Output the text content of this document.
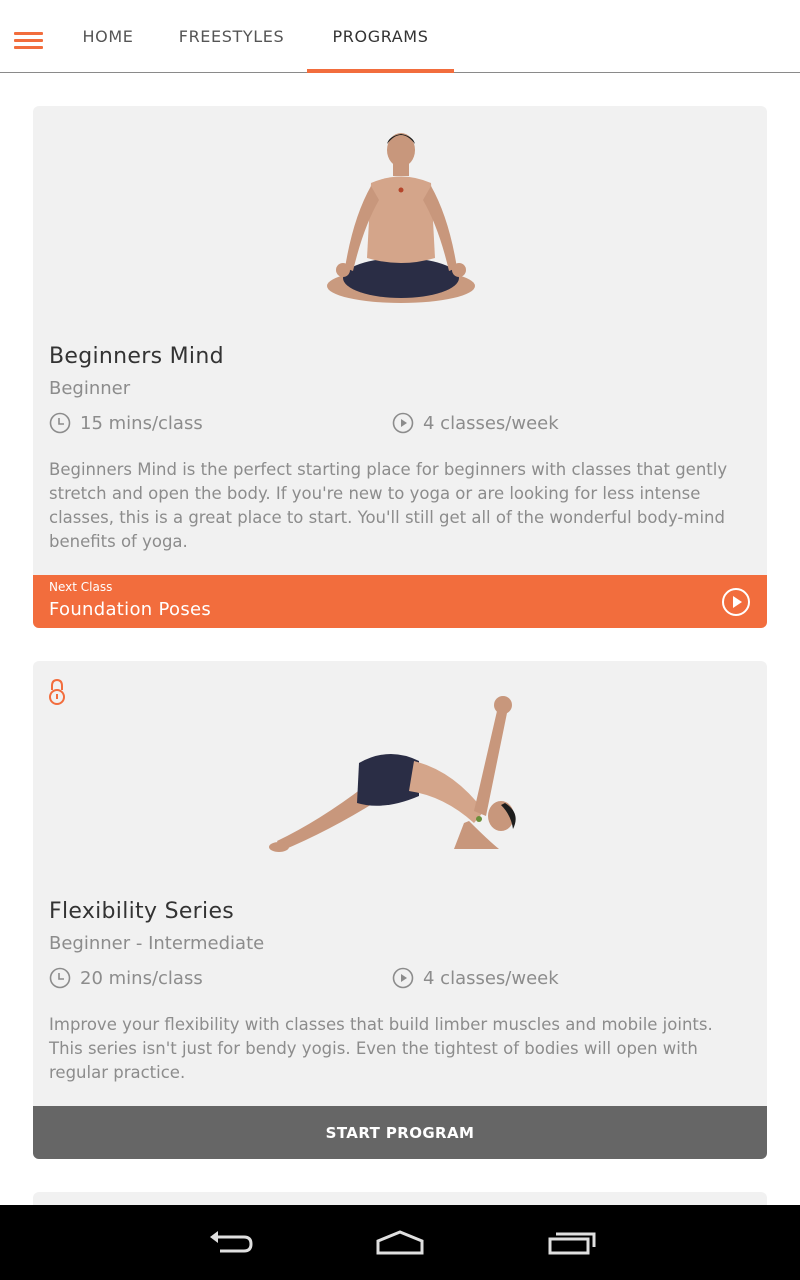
HOME	FREESTYLES	PROGRAMS
Beginners Mind
Beginner
15 mins/class	4 classes/week
Beginners Mind is the perfect starting place for beginners with classes that gently stretch and open the body. If you're new to yoga or are looking for less intense classes, this is a great place to start. You'll still get all of the wonderful body-mind benefits of yoga.
Next Class
Foundation Poses
Flexibility Series
Beginner - Intermediate
20 mins/class	4 classes/week
Improve your flexibility with classes that build limber muscles and mobile joints. This series isn't just for bendy yogis. Even the tightest of bodies will open with regular practice.
START PROGRAM
